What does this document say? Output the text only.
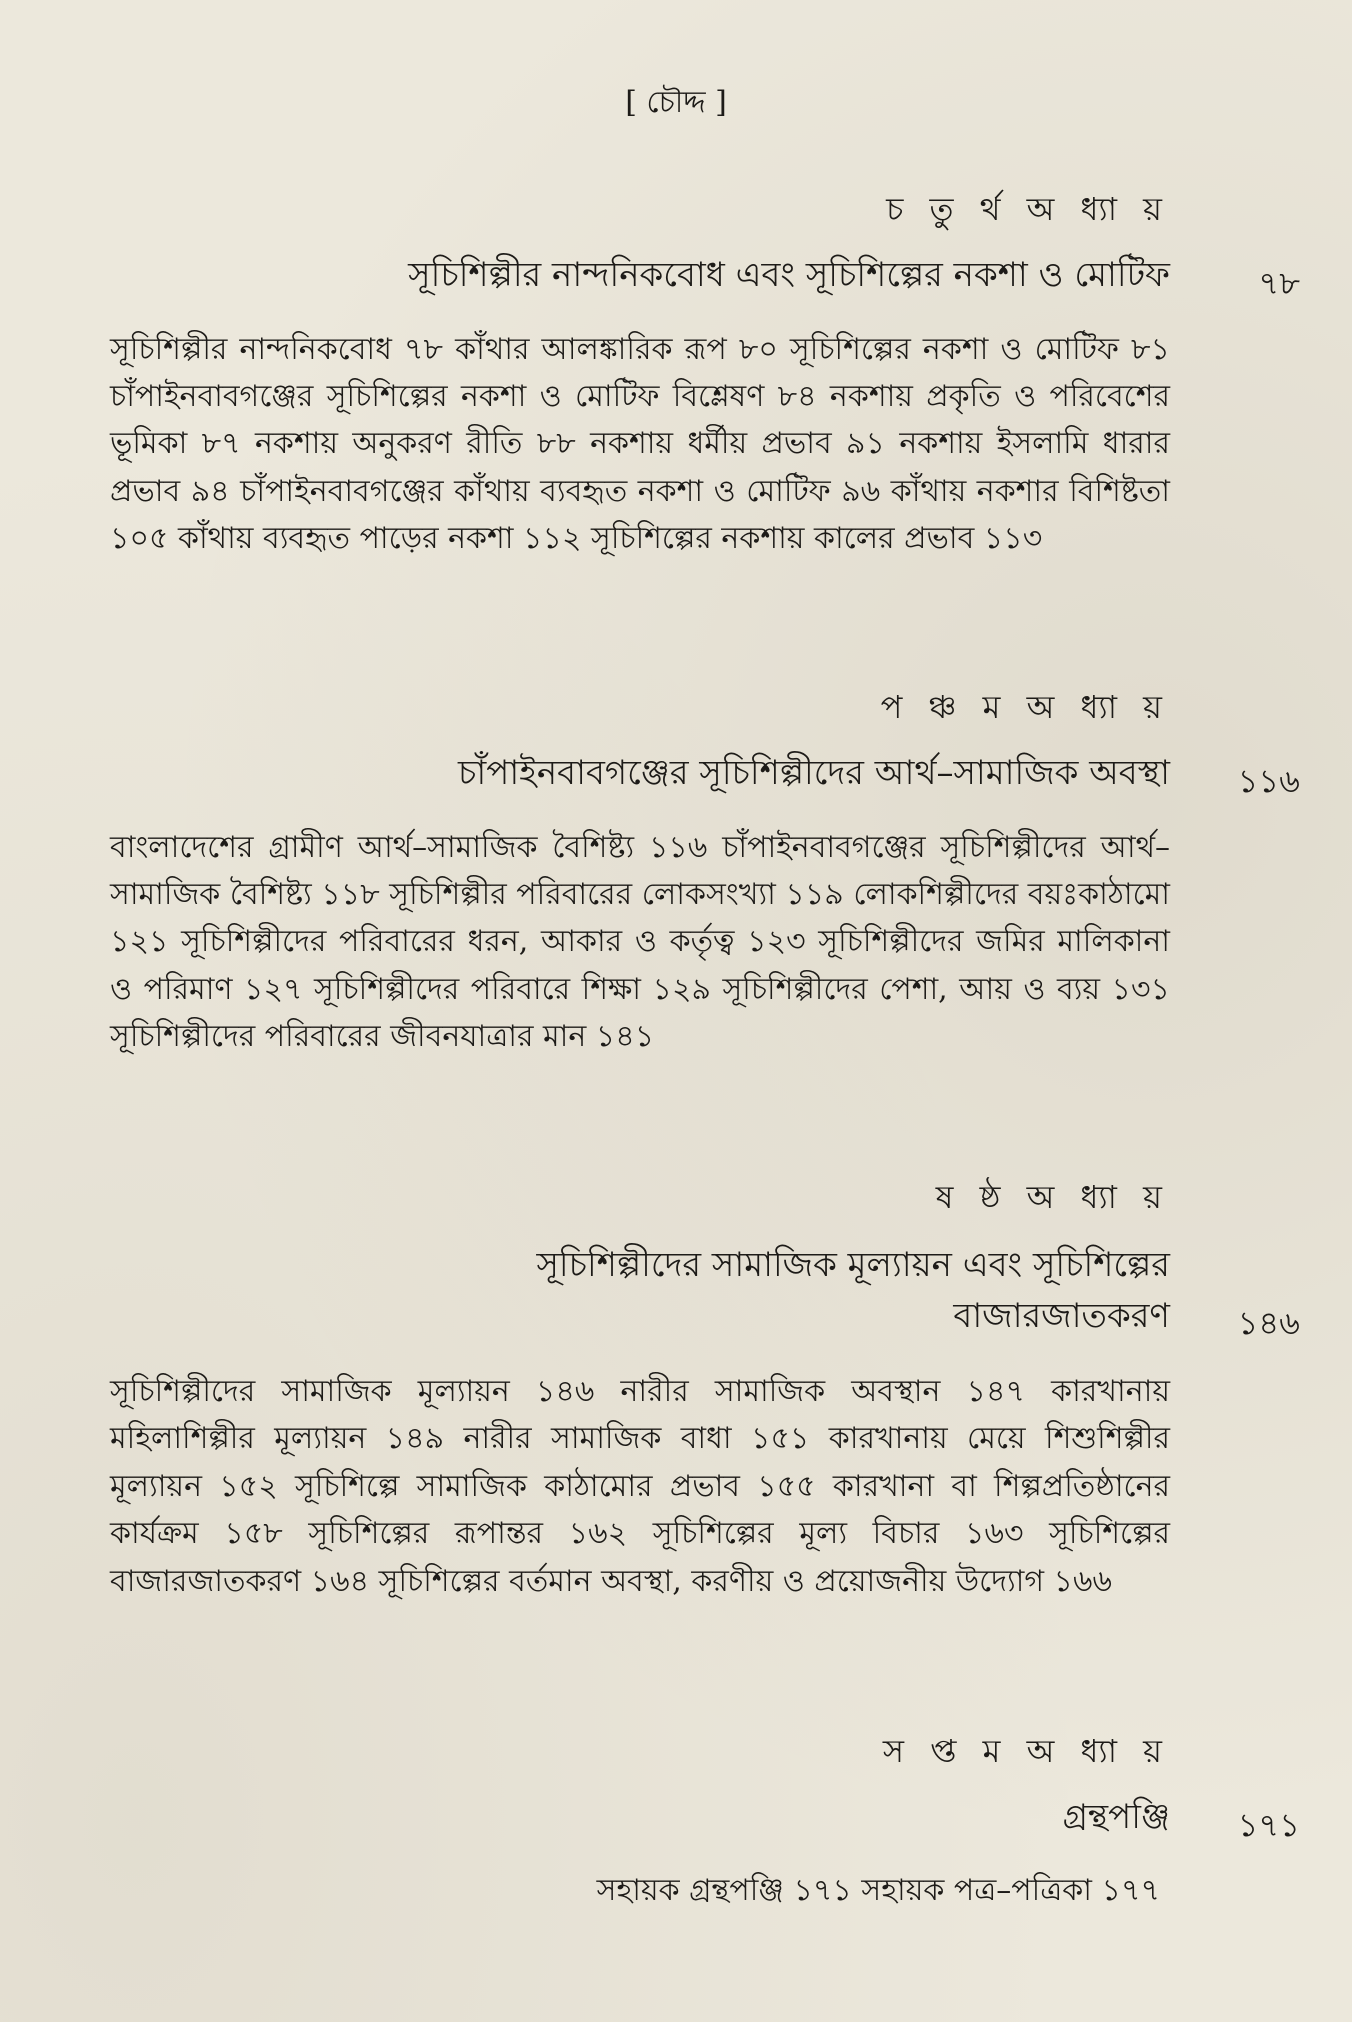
[ চৌদ্দ ]
চ তু র্থ অ ধ্যা য়
সূচিশিল্পীর নান্দনিকবোধ এবং সূচিশিল্পের নকশা ও মোটিফ	৭৮

সূচিশিল্পীর নান্দনিকবোধ ৭৮ কাঁথার আলঙ্কারিক রূপ ৮০ সূচিশিল্পের নকশা ও মোটিফ ৮১ চাঁপাইনবাবগঞ্জের সূচিশিল্পের নকশা ও মোটিফ বিশ্লেষণ ৮৪ নকশায় প্রকৃতি ও পরিবেশের ভূমিকা ৮৭ নকশায় অনুকরণ রীতি ৮৮ নকশায় ধর্মীয় প্রভাব ৯১ নকশায় ইসলামি ধারার প্রভাব ৯৪ চাঁপাইনবাবগঞ্জের কাঁথায় ব্যবহৃত নকশা ও মোটিফ ৯৬ কাঁথায় নকশার বিশিষ্টতা ১০৫ কাঁথায় ব্যবহৃত পাড়ের নকশা ১১২ সূচিশিল্পের নকশায় কালের প্রভাব ১১৩

প ঞ্চ ম অ ধ্যা য়
চাঁপাইনবাবগঞ্জের সূচিশিল্পীদের আর্থ–সামাজিক অবস্থা ১১৬

বাংলাদেশের গ্রামীণ আর্থ–সামাজিক বৈশিষ্ট্য ১১৬ চাঁপাইনবাবগঞ্জের সূচিশিল্পীদের আর্থ–সামাজিক বৈশিষ্ট্য ১১৮ সূচিশিল্পীর পরিবারের লোকসংখ্যা ১১৯ লোকশিল্পীদের বয়ঃকাঠামো ১২১ সূচিশিল্পীদের পরিবারের ধরন, আকার ও কর্তৃত্ব ১২৩ সূচিশিল্পীদের জমির মালিকানা ও পরিমাণ ১২৭ সূচিশিল্পীদের পরিবারে শিক্ষা ১২৯ সূচিশিল্পীদের পেশা, আয় ও ব্যয় ১৩১ সূচিশিল্পীদের পরিবারের জীবনযাত্রার মান ১৪১

ষ ষ্ঠ অ ধ্যা য়
সূচিশিল্পীদের সামাজিক মূল্যায়ন এবং সূচিশিল্পের
বাজারজাতকরণ ১৪৬

সূচিশিল্পীদের সামাজিক মূল্যায়ন ১৪৬ নারীর সামাজিক অবস্থান ১৪৭ কারখানায় মহিলাশিল্পীর মূল্যায়ন ১৪৯ নারীর সামাজিক বাধা ১৫১ কারখানায় মেয়ে শিশুশিল্পীর মূল্যায়ন ১৫২ সূচিশিল্পে সামাজিক কাঠামোর প্রভাব ১৫৫ কারখানা বা শিল্পপ্রতিষ্ঠানের কার্যক্রম ১৫৮ সূচিশিল্পের রূপান্তর ১৬২ সূচিশিল্পের মূল্য বিচার ১৬৩ সূচিশিল্পের বাজারজাতকরণ ১৬৪ সূচিশিল্পের বর্তমান অবস্থা, করণীয় ও প্রয়োজনীয় উদ্যোগ ১৬৬

স প্ত ম অ ধ্যা য়
গ্রন্থপঞ্জি ১৭১

সহায়ক গ্রন্থপঞ্জি ১৭১ সহায়ক পত্র–পত্রিকা ১৭৭
